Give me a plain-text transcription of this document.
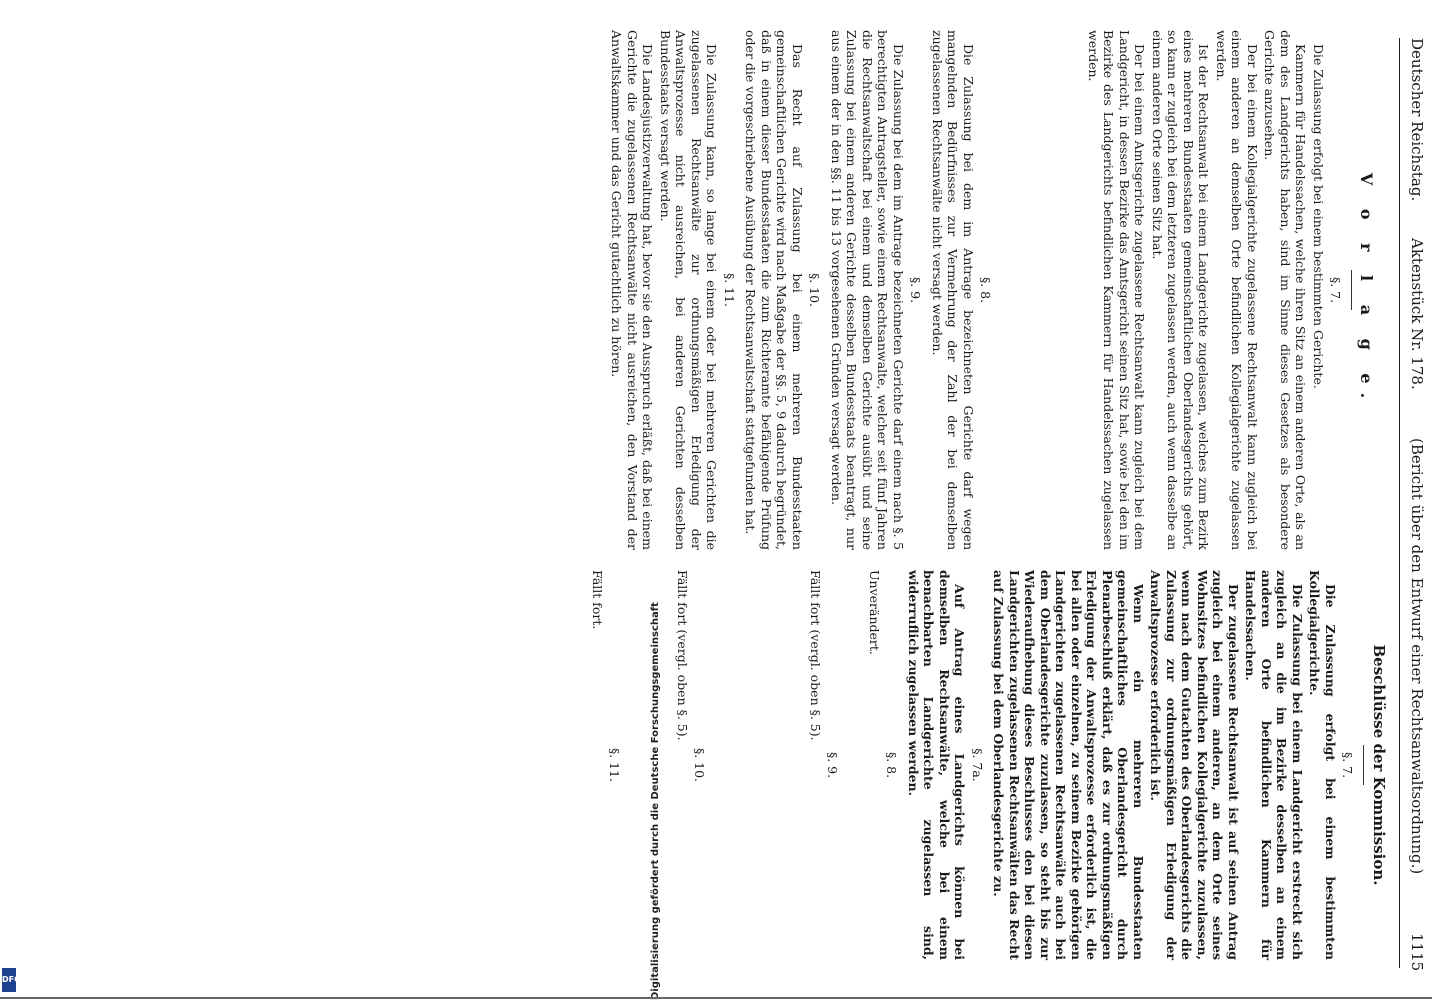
Deutscher Reichstag.
Aktenstück Nr. 178.
(Bericht über den Entwurf einer Rechtsanwaltsordnung.)
1115
V o r l a g e.
§. 7.

Die Zulassung erfolgt bei einem bestimmten Gerichte.

Kammern für Handelssachen, welche ihren Sitz an einem anderen Orte, als an dem des Landgerichts haben, sind im Sinne dieses Gesetzes als besondere Gerichte anzusehen.

Der bei einem Kollegialgerichte zugelassene Rechtsanwalt kann zugleich bei einem anderen an demselben Orte befindlichen Kollegialgerichte zugelassen werden.

Ist der Rechtsanwalt bei einem Landgerichte zugelassen, welches zum Bezirk eines mehreren Bundesstaaten gemeinschaftlichen Oberlandesgerichts gehört, so kann er zugleich bei dem letzteren zugelassen werden, auch wenn dasselbe an einem anderen Orte seinen Sitz hat.

Der bei einem Amtsgerichte zugelassene Rechtsanwalt kann zugleich bei dem Landgericht, in dessen Bezirke das Amtsgericht seinen Sitz hat, sowie bei den im Bezirke des Landgerichts befindlichen Kammern für Handelssachen zugelassen werden.

§. 8.

Die Zulassung bei dem im Antrage bezeichneten Gerichte darf wegen mangelnden Bedürfnisses zur Vermehrung der Zahl der bei demselben zugelassenen Rechtsanwälte nicht versagt werden.

§. 9.

Die Zulassung bei dem im Antrage bezeichneten Gerichte darf einem nach §. 5 berechtigten Antragsteller, sowie einem Rechtsanwalte, welcher seit fünf Jahren die Rechtsanwaltschaft bei einem und demselben Gerichte ausübt und seine Zulassung bei einem anderen Gerichte desselben Bundesstaats beantragt, nur aus einem der in den §§. 11 bis 13 vorgesehenen Gründen versagt werden.

§. 10.

Das Recht auf Zulassung bei einem mehreren Bundesstaaten gemeinschaftlichen Gerichte wird nach Maßgabe der §§. 5, 9 dadurch begründet, daß in einem dieser Bundesstaaten die zum Richteramte befähigende Prüfung oder die vorgeschriebene Ausübung der Rechtsanwaltschaft stattgefunden hat.

§. 11.

Die Zulassung kann, so lange bei einem oder bei mehreren Gerichten die zugelassenen Rechtsanwälte zur ordnungsmäßigen Erledigung der Anwaltsprozesse nicht ausreichen, bei anderen Gerichten desselben Bundesstaats versagt werden.

Die Landesjustizverwaltung hat, bevor sie den Ausspruch erläßt, daß bei einem Gerichte die zugelassenen Rechtsanwälte nicht ausreichen, den Vorstand der Anwaltskammer und das Gericht gutachtlich zu hören.

Beschlüsse der Kommission.
§. 7.

Die Zulassung erfolgt bei einem bestimmten Kollegialgerichte.

Die Zulassung bei einem Landgericht erstreckt sich zugleich an die im Bezirke desselben an einem anderen Orte befindlichen Kammern für Handelssachen.

Der zugelassene Rechtsanwalt ist auf seinen Antrag zugleich bei einem anderen, an dem Orte seines Wohnsitzes befindlichen Kollegialgerichte zuzulassen, wenn nach dem Gutachten des Oberlandesgerichts die Zulassung zur ordnungsmäßigen Erledigung der Anwaltsprozesse erforderlich ist.

Wenn ein mehreren Bundesstaaten gemeinschaftliches Oberlandesgericht durch Plenarbeschluß erklärt, daß es zur ordnungsmäßigen Erledigung der Anwaltsprozesse erforderlich ist, die bei allen oder einzelnen, zu seinem Bezirke gehörigen Landgerichten zugelassenen Rechtsanwälte auch bei dem Oberlandesgerichte zuzulassen, so steht bis zur Wiederaufhebung dieses Beschlusses den bei diesen Landgerichten zugelassenen Rechtsanwälten das Recht auf Zulassung bei dem Oberlandesgerichte zu.

§. 7a.

Auf Antrag eines Landgerichts können bei demselben Rechtsanwälte, welche bei einem benachbarten Landgerichte zugelassen sind, widerruflich zugelassen werden.

§. 8.

Unverändert.

§. 9.

Fällt fort (vergl. oben §. 5).

§. 10.

Fällt fort (vergl. oben §. 5).

§. 11.

Fällt fort.

Digitalisierung gefördert durch die Deutsche Forschungsgemeinschaft
DFG
